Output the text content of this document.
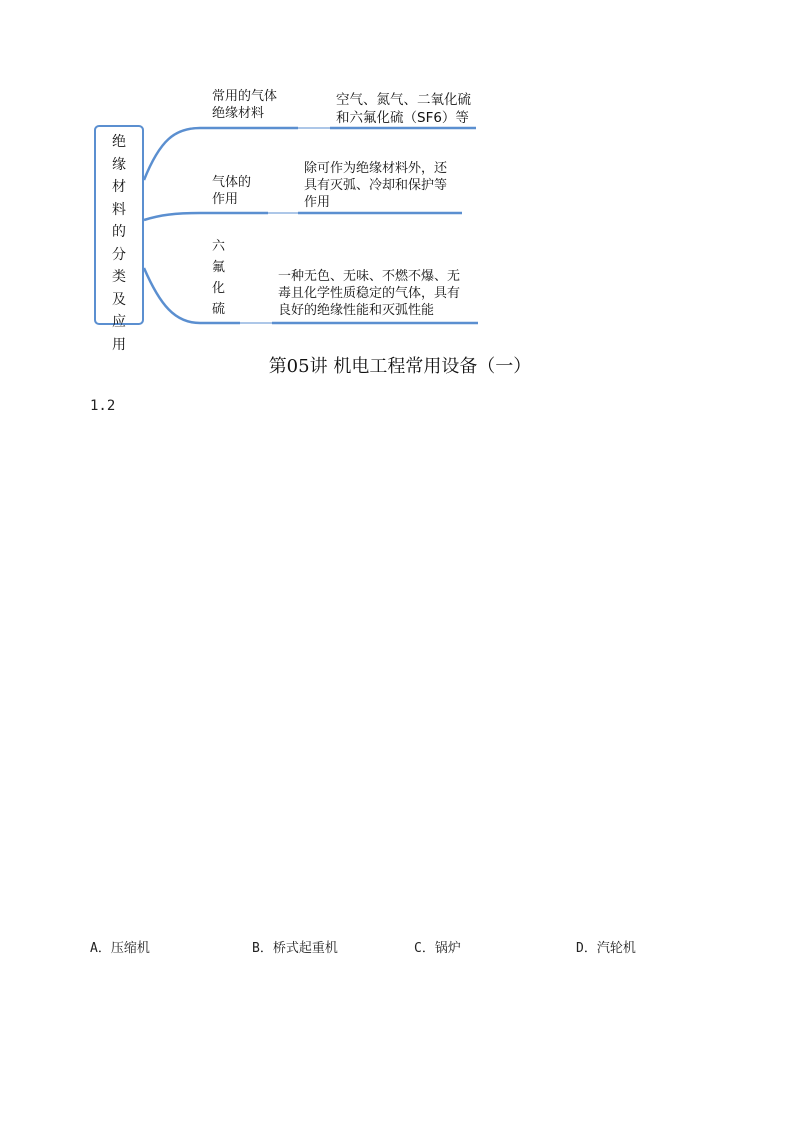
绝
缘
材
料
的
分
类
及
应
用
常用的气体
绝缘材料
空气、氮气、二氧化硫
和六氟化硫（SF6）等
气体的
作用
除可作为绝缘材料外，还
具有灭弧、冷却和保护等
作用
六
氟
化
硫
一种无色、无味、不燃不爆、无
毒且化学性质稳定的气体，具有
良好的绝缘性能和灭弧性能
第05讲 机电工程常用设备（一）
1.2
A．压缩机	B．桥式起重机	C．锅炉	D．汽轮机
